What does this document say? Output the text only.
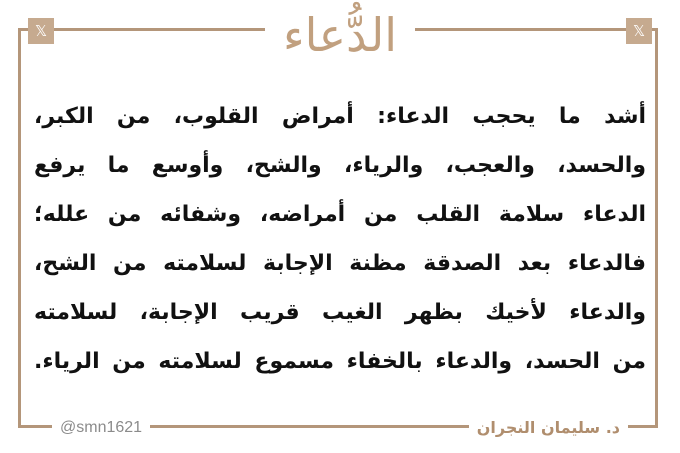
𝕏	𝕏
الدُّعاء
أشد ما يحجب الدعاء: أمراض القلوب، من الكبر،
والحسد، والعجب، والرياء، والشح، وأوسع ما يرفع
الدعاء سلامة القلب من أمراضه، وشفائه من علله؛
فالدعاء بعد الصدقة مظنة الإجابة لسلامته من الشح،
والدعاء لأخيك بظهر الغيب قريب الإجابة، لسلامته
من الحسد، والدعاء بالخفاء مسموع لسلامته من الرياء.
@smn1621	د. سليمان النجران
